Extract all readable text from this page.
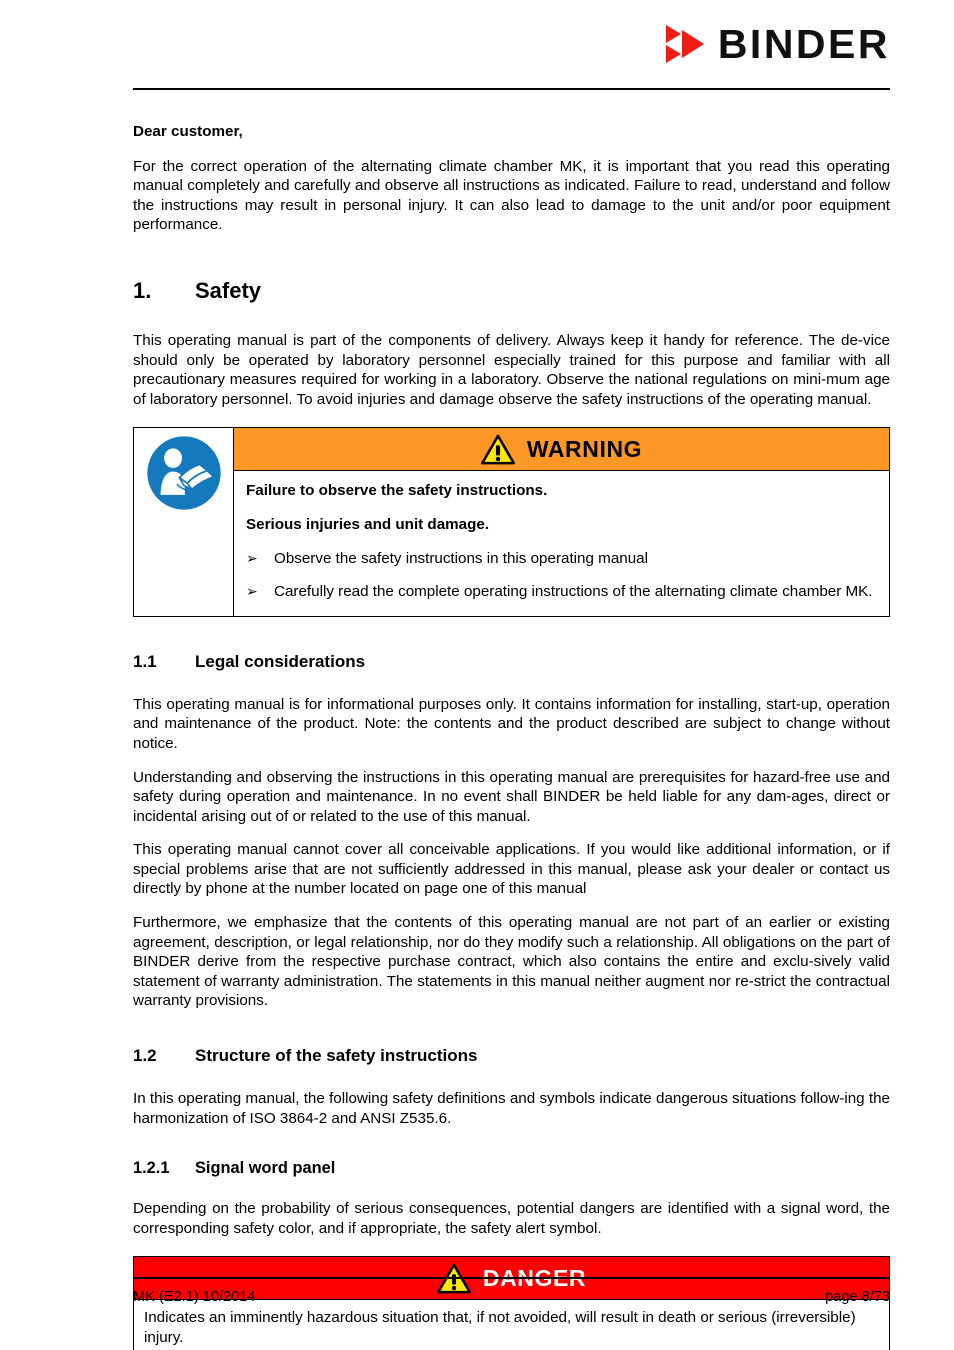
BINDER
Dear customer,

For the correct operation of the alternating climate chamber MK, it is important that you read this operating manual completely and carefully and observe all instructions as indicated. Failure to read, understand and follow the instructions may result in personal injury. It can also lead to damage to the unit and/or poor equipment performance.

1.	Safety

This operating manual is part of the components of delivery. Always keep it handy for reference. The de-vice should only be operated by laboratory personnel especially trained for this purpose and familiar with all precautionary measures required for working in a laboratory. Observe the national regulations on mini-mum age of laboratory personnel. To avoid injuries and damage observe the safety instructions of the operating manual.

WARNING

Failure to observe the safety instructions.

Serious injuries and unit damage.

➢	Observe the safety instructions in this operating manual
➢	Carefully read the complete operating instructions of the alternating climate chamber MK.
1.1	Legal considerations

This operating manual is for informational purposes only. It contains information for installing, start-up, operation and maintenance of the product. Note: the contents and the product described are subject to change without notice.

Understanding and observing the instructions in this operating manual are prerequisites for hazard-free use and safety during operation and maintenance. In no event shall BINDER be held liable for any dam-ages, direct or incidental arising out of or related to the use of this manual.

This operating manual cannot cover all conceivable applications. If you would like additional information, or if special problems arise that are not sufficiently addressed in this manual, please ask your dealer or contact us directly by phone at the number located on page one of this manual

Furthermore, we emphasize that the contents of this operating manual are not part of an earlier or existing agreement, description, or legal relationship, nor do they modify such a relationship. All obligations on the part of BINDER derive from the respective purchase contract, which also contains the entire and exclu-sively valid statement of warranty administration. The statements in this manual neither augment nor re-strict the contractual warranty provisions.

1.2	Structure of the safety instructions

In this operating manual, the following safety definitions and symbols indicate dangerous situations follow-ing the harmonization of ISO 3864-2 and ANSI Z535.6.

1.2.1	Signal word panel

Depending on the probability of serious consequences, potential dangers are identified with a signal word, the corresponding safety color, and if appropriate, the safety alert symbol.

DANGER

Indicates an imminently hazardous situation that, if not avoided, will result in death or serious (irreversible) injury.

MK (E2.1) 10/2014	page 8/73
